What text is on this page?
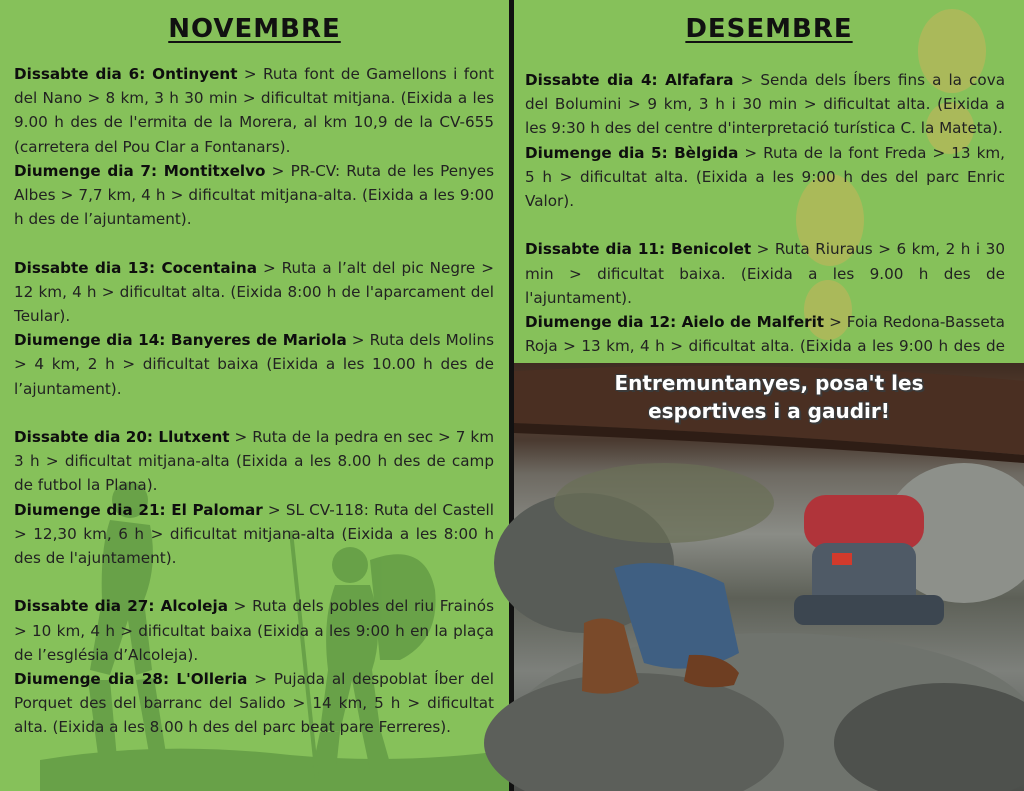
NOVEMBRE

Dissabte dia 6: Ontinyent > Ruta font de Gamellons i font del Nano > 8 km, 3 h 30 min > dificultat mitjana. (Eixida a les 9.00 h des de l'ermita de la Morera, al km 10,9 de la CV-655 (carretera del Pou Clar a Fontanars).

Diumenge dia 7: Montitxelvo > PR-CV: Ruta de les Penyes Albes > 7,7 km, 4 h > dificultat mitjana-alta. (Eixida a les 9:00 h des de l’ajuntament).

Dissabte dia 13: Cocentaina > Ruta a l’alt del pic Negre > 12 km, 4 h > dificultat alta. (Eixida 8:00 h de l'aparcament del Teular).

Diumenge dia 14: Banyeres de Mariola > Ruta dels Molins > 4 km, 2 h > dificultat baixa (Eixida a les 10.00 h des de l’ajuntament).

Dissabte dia 20: Llutxent > Ruta de la pedra en sec > 7 km 3 h > dificultat mitjana-alta (Eixida a les 8.00 h des de camp de futbol la Plana).

Diumenge dia 21: El Palomar > SL CV-118: Ruta del Castell > 12,30 km, 6 h > dificultat mitjana-alta (Eixida a les 8:00 h des de l'ajuntament).

Dissabte dia 27: Alcoleja > Ruta dels pobles del riu Frainós > 10 km, 4 h > dificultat baixa (Eixida a les 9:00 h en la plaça de l’església d’Alcoleja).

Diumenge dia 28: L'Olleria > Pujada al despoblat Íber del Porquet des del barranc del Salido > 14 km, 5 h > dificultat alta. (Eixida a les 8.00 h des del parc beat pare Ferreres).

DESEMBRE

Dissabte dia 4: Alfafara > Senda dels Íbers fins a la cova del Bolumini > 9 km, 3 h i 30 min > dificultat alta. (Eixida a les 9:30 h des del centre d'interpretació turística C. la Mateta).

Diumenge dia 5: Bèlgida > Ruta de la font Freda > 13 km, 5 h > dificultat alta. (Eixida a les 9:00 h des del parc Enric Valor).

Dissabte dia 11: Benicolet > Ruta Riuraus > 6 km, 2 h i 30 min > dificultat baixa. (Eixida a les 9.00 h des de l'ajuntament).

Diumenge dia 12: Aielo de Malferit > Foia Redona-Basseta Roja > 13 km, 4 h > dificultat alta. (Eixida a les 9:00 h des de

Entremuntanyes, posa't les
esportives i a gaudir!
